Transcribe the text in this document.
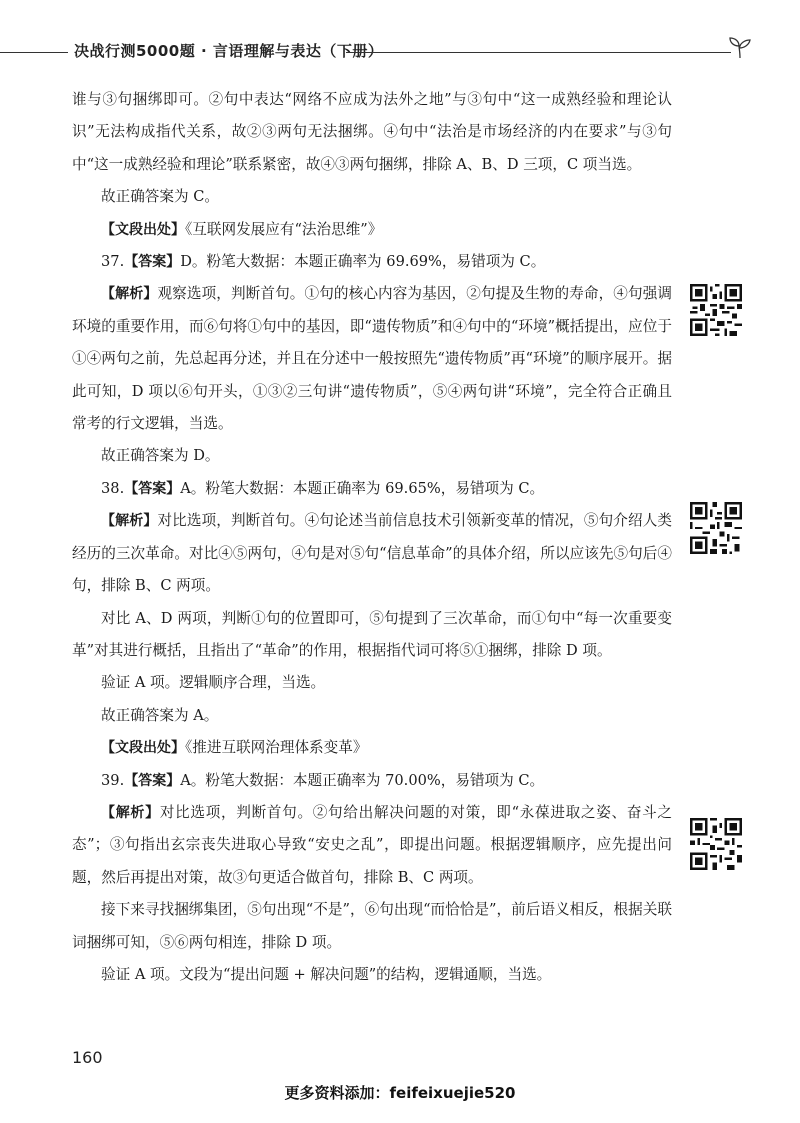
决战行测5000题 · 言语理解与表达（下册）

谁与③句捆绑即可。②句中表达“网络不应成为法外之地”与③句中“这一成熟经验和理论认识”无法构成指代关系，故②③两句无法捆绑。④句中“法治是市场经济的内在要求”与③句中“这一成熟经验和理论”联系紧密，故④③两句捆绑，排除 A、B、D 三项，C 项当选。

故正确答案为 C。

【文段出处】《互联网发展应有“法治思维”》

37.【答案】D。粉笔大数据：本题正确率为 69.69%，易错项为 C。

【解析】观察选项，判断首句。①句的核心内容为基因，②句提及生物的寿命，④句强调环境的重要作用，而⑥句将①句中的基因，即“遗传物质”和④句中的“环境”概括提出，应位于①④两句之前，先总起再分述，并且在分述中一般按照先“遗传物质”再“环境”的顺序展开。据此可知，D 项以⑥句开头，①③②三句讲“遗传物质”，⑤④两句讲“环境”，完全符合正确且常考的行文逻辑，当选。

故正确答案为 D。

38.【答案】A。粉笔大数据：本题正确率为 69.65%，易错项为 C。

【解析】对比选项，判断首句。④句论述当前信息技术引领新变革的情况，⑤句介绍人类经历的三次革命。对比④⑤两句，④句是对⑤句“信息革命”的具体介绍，所以应该先⑤句后④句，排除 B、C 两项。

对比 A、D 两项，判断①句的位置即可，⑤句提到了三次革命，而①句中“每一次重要变革”对其进行概括，且指出了“革命”的作用，根据指代词可将⑤①捆绑，排除 D 项。

验证 A 项。逻辑顺序合理，当选。

故正确答案为 A。

【文段出处】《推进互联网治理体系变革》

39.【答案】A。粉笔大数据：本题正确率为 70.00%，易错项为 C。

【解析】对比选项，判断首句。②句给出解决问题的对策，即“永葆进取之姿、奋斗之态”；③句指出玄宗丧失进取心导致“安史之乱”，即提出问题。根据逻辑顺序，应先提出问题，然后再提出对策，故③句更适合做首句，排除 B、C 两项。

接下来寻找捆绑集团，⑤句出现“不是”，⑥句出现“而恰恰是”，前后语义相反，根据关联词捆绑可知，⑤⑥两句相连，排除 D 项。

验证 A 项。文段为“提出问题 + 解决问题”的结构，逻辑通顺，当选。

160
更多资料添加：feifeixuejie520
